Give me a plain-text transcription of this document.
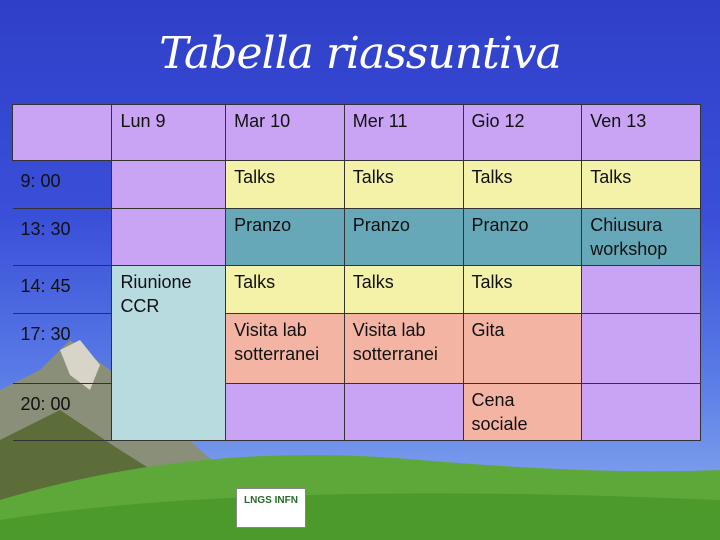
Tabella riassuntiva
	Lun 9	Mar 10	Mer 11	Gio 12	Ven 13
9: 00		Talks	Talks	Talks	Talks
13: 30		Pranzo	Pranzo	Pranzo	Chiusura workshop
14: 45	Riunione CCR	Talks	Talks	Talks	
17: 30		Visita lab sotterranei	Visita lab sotterranei	Gita	
20: 00				Cena sociale	
LNGS INFN
